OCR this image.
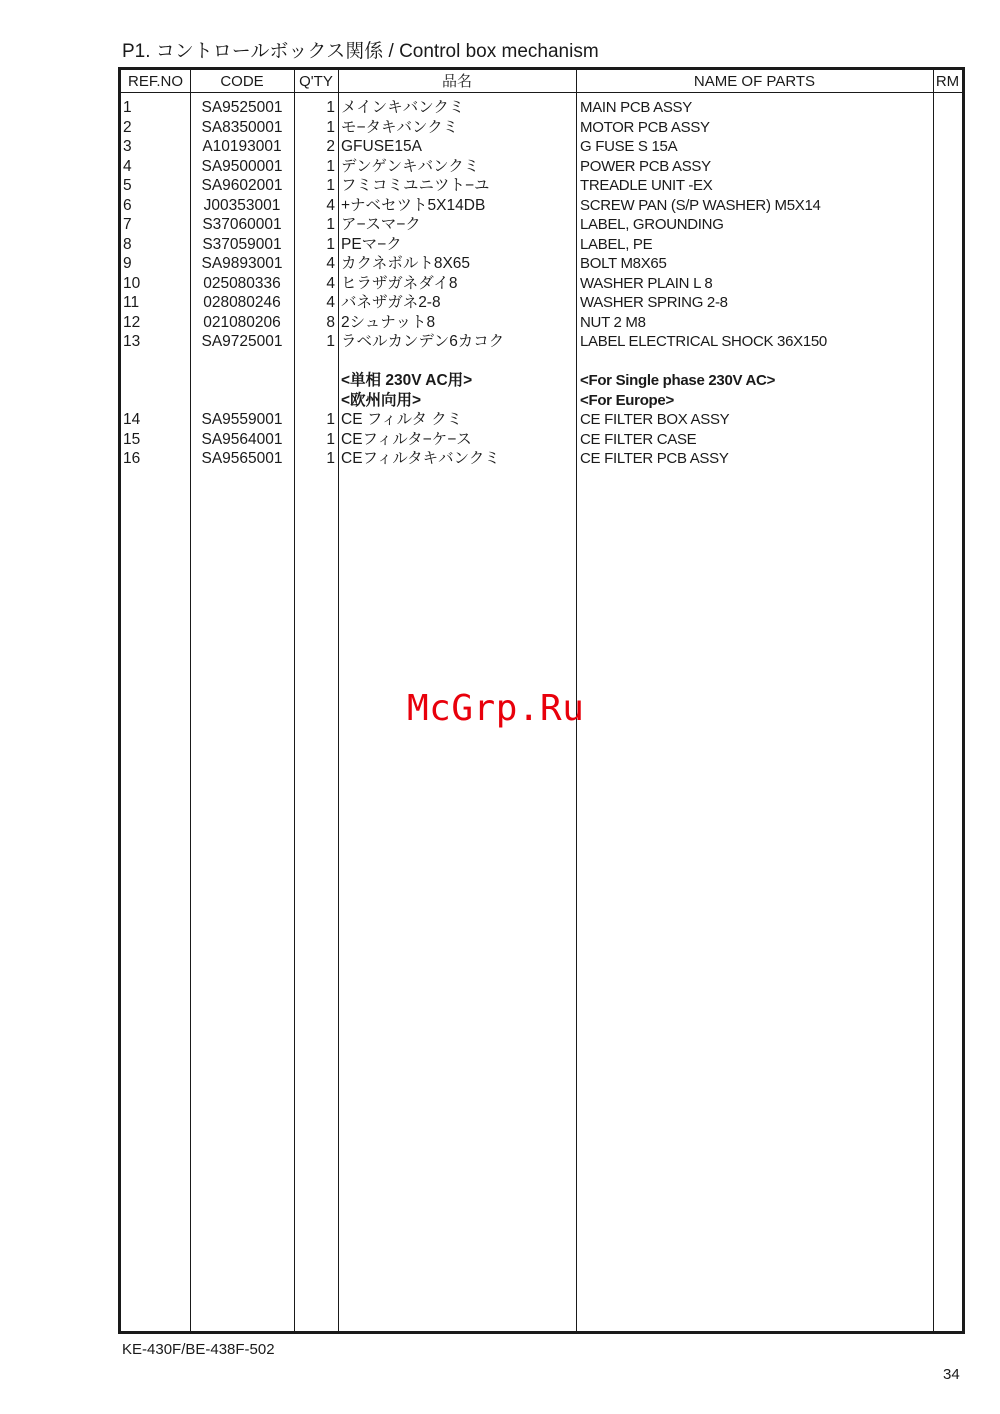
P1. コントロールボックス関係 / Control box mechanism
REF.NO	CODE	Q'TY	品名	NAME OF PARTS	RM
1	SA9525001	1 メインキバンクミ	MAIN PCB ASSY
2	SA8350001	1 モ−タキバンクミ	MOTOR PCB ASSY
3	A10193001	2 GFUSE15A	G FUSE S 15A
4	SA9500001	1 デンゲンキバンクミ	POWER PCB ASSY
5	SA9602001	1 フミコミユニツト−ユ	TREADLE UNIT -EX
6	J00353001	4 +ナベセツト5X14DB	SCREW PAN (S/P WASHER) M5X14
7	S37060001	1 ア−スマ−ク	LABEL, GROUNDING
8	S37059001	1 PEマ−ク	LABEL, PE
9	SA9893001	4 カクネボルト8X65	BOLT M8X65
10	025080336	4 ヒラザガネダイ8	WASHER PLAIN L 8
11	028080246	4 バネザガネ2-8	WASHER SPRING 2-8
12	021080206	8 2シュナット8	NUT 2 M8
13	SA9725001	1 ラベルカンデン6カコク	LABEL ELECTRICAL SHOCK 36X150
<単相 230V AC用>	<For Single phase 230V AC>
<欧州向用>	<For Europe>
14	SA9559001	1 CE フィルタ クミ	CE FILTER BOX ASSY
15	SA9564001	1 CEフィルタ−ケ−ス	CE FILTER CASE
16	SA9565001	1 CEフィルタキバンクミ	CE FILTER PCB ASSY
KE-430F/BE-438F-502
34
McGrp.Ru
